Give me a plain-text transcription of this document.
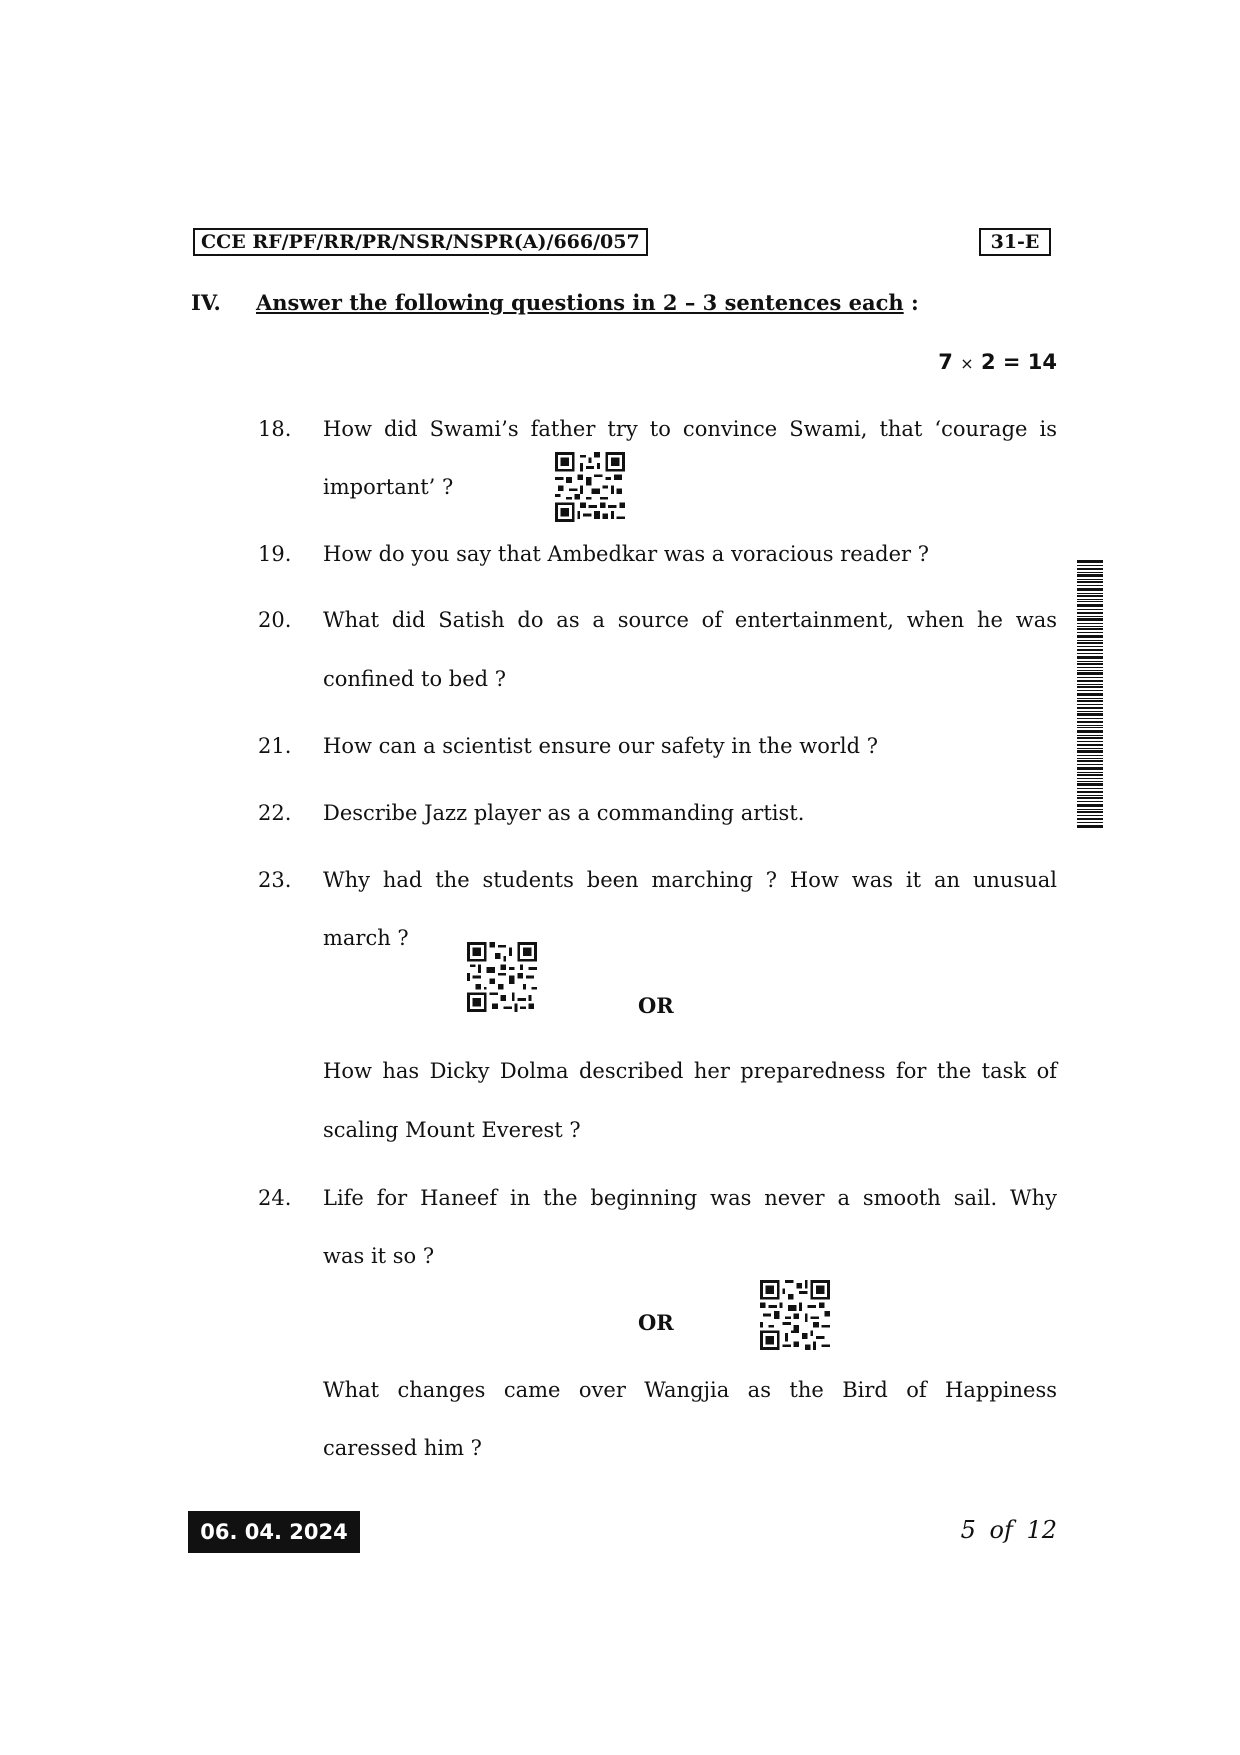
CCE RF/PF/RR/PR/NSR/NSPR(A)/666/057	31-E
IV. Answer the following questions in 2 – 3 sentences each :
7 × 2 = 14
18. How did Swami’s father try to convince Swami, that ‘courage is
important’ ?
19. How do you say that Ambedkar was a voracious reader ?
20. What did Satish do as a source of entertainment, when he was
confined to bed ?
21. How can a scientist ensure our safety in the world ?
22. Describe Jazz player as a commanding artist.
23. Why had the students been marching ? How was it an unusual
march ?
OR
How has Dicky Dolma described her preparedness for the task of
scaling Mount Everest ?
24. Life for Haneef in the beginning was never a smooth sail. Why
was it so ?
OR
What changes came over Wangjia as the Bird of Happiness
caressed him ?
06. 04. 2024	5 of 12
